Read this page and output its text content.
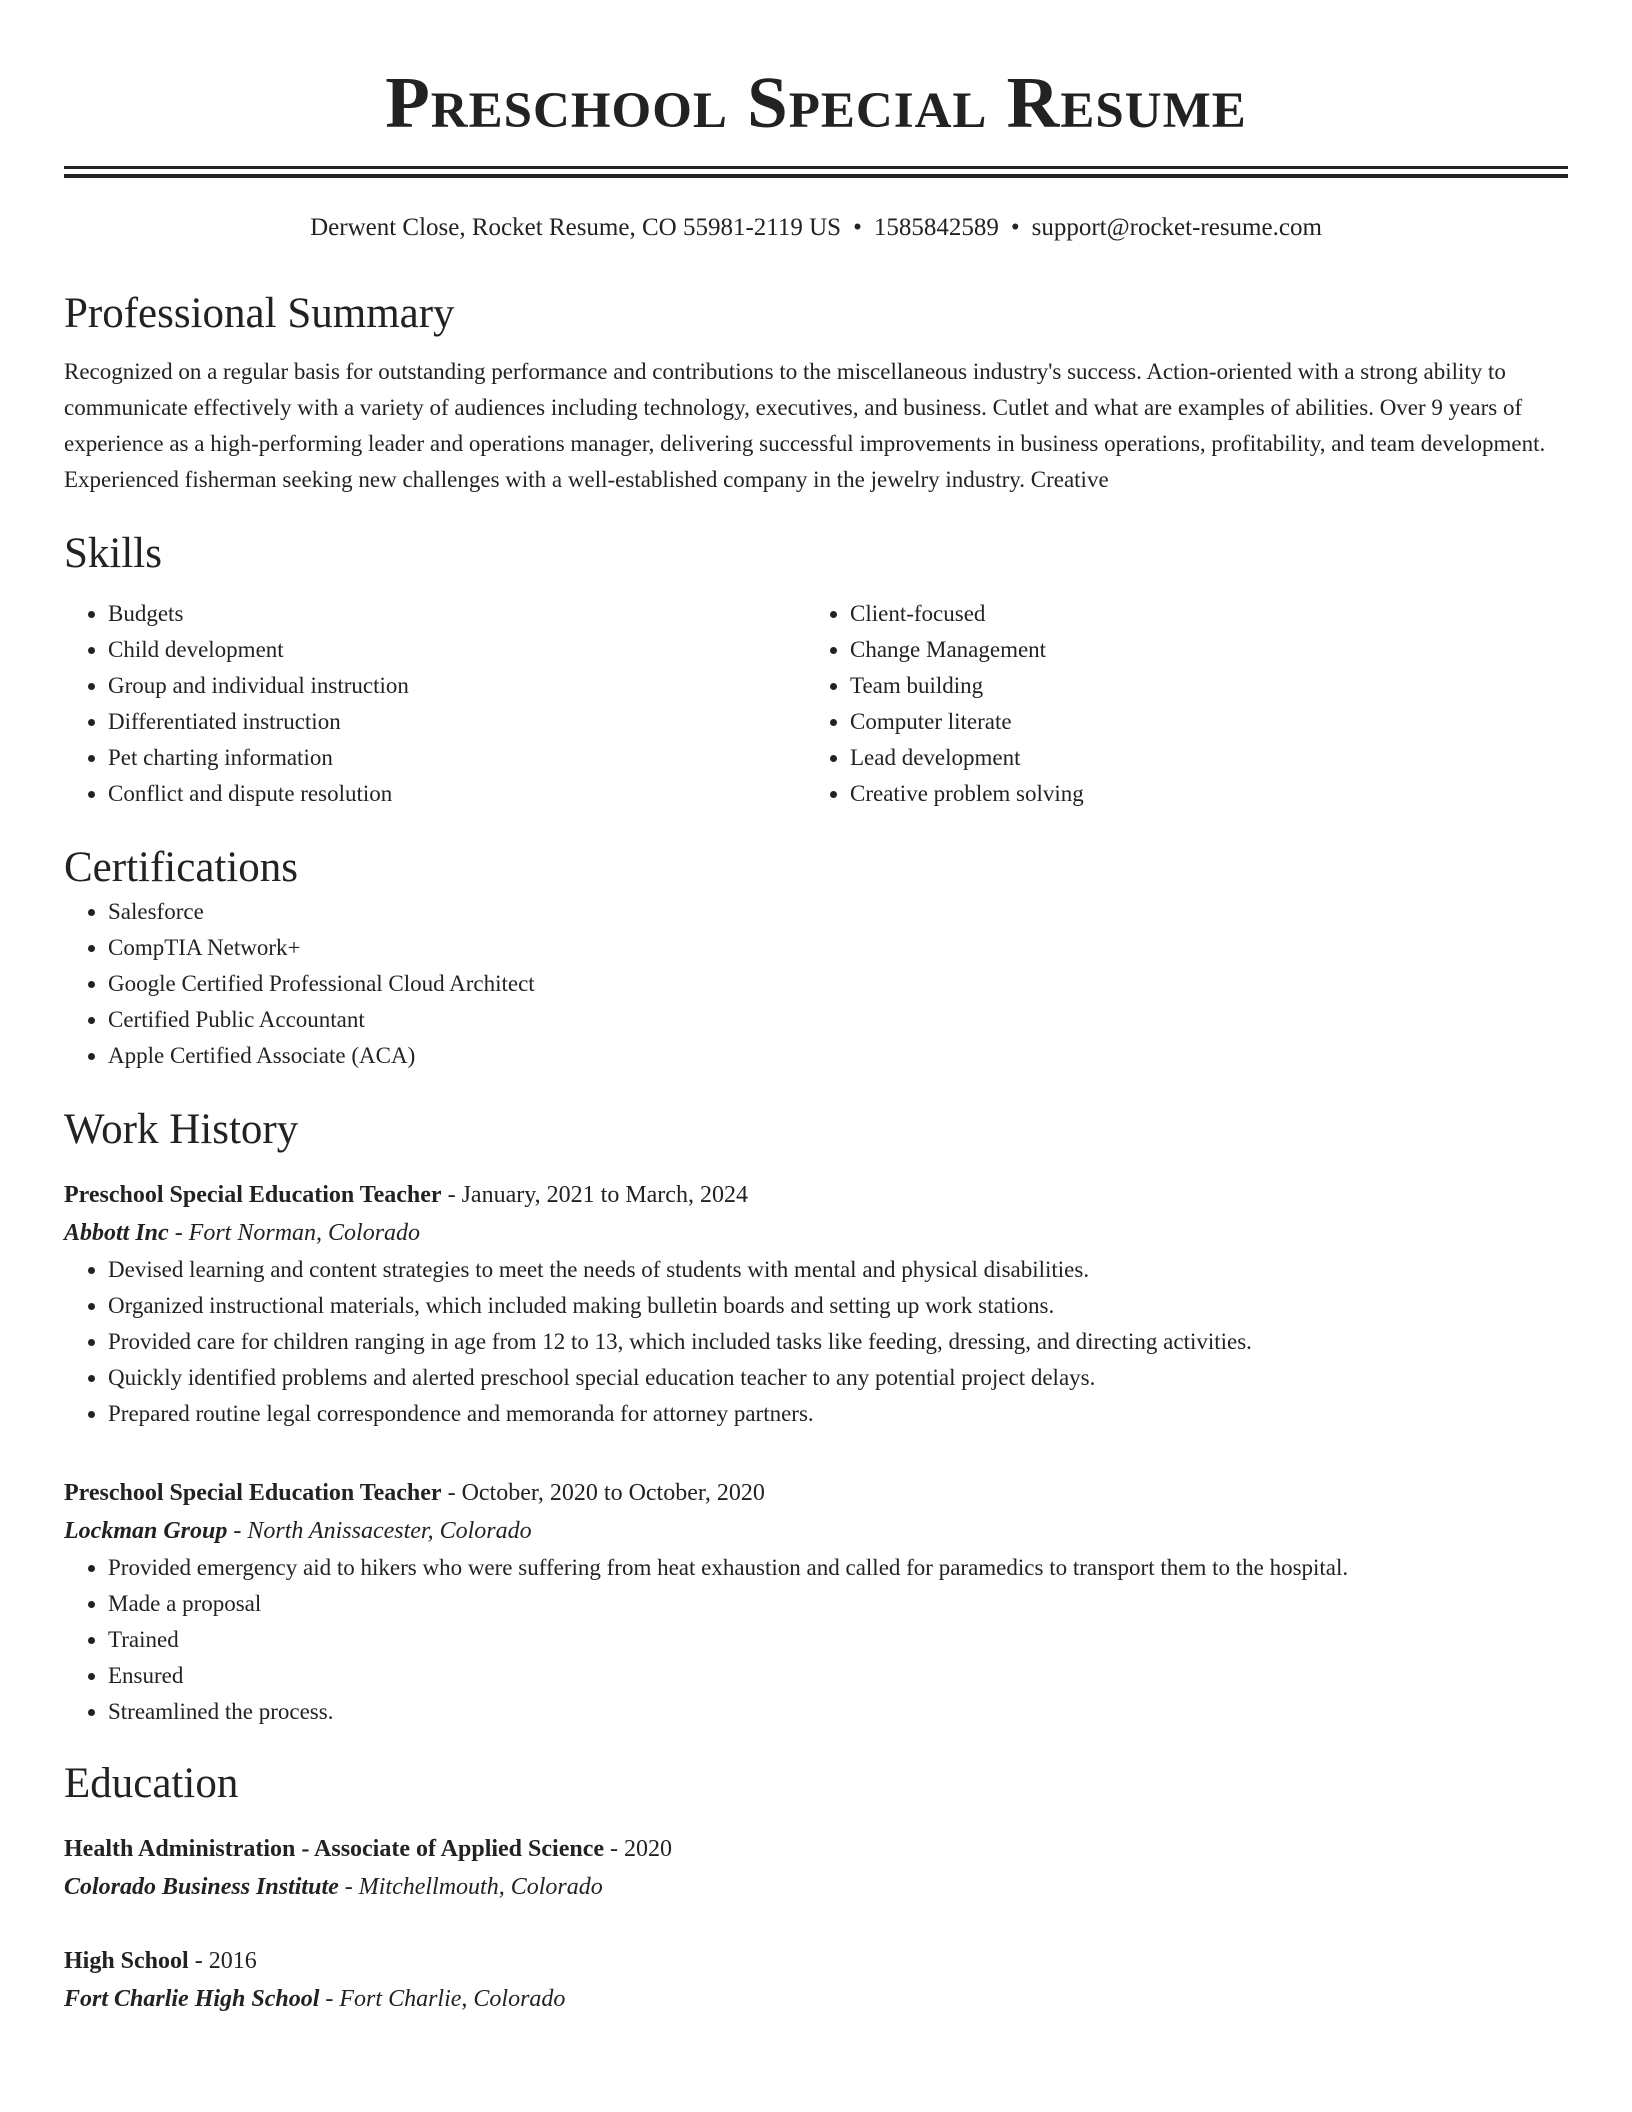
Preschool Special Resume
Derwent Close, Rocket Resume, CO 55981-2119 US • 1585842589 • support@rocket-resume.com
Professional Summary
Recognized on a regular basis for outstanding performance and contributions to the miscellaneous industry's success. Action-oriented with a strong ability to communicate effectively with a variety of audiences including technology, executives, and business. Cutlet and what are examples of abilities. Over 9 years of experience as a high-performing leader and operations manager, delivering successful improvements in business operations, profitability, and team development. Experienced fisherman seeking new challenges with a well-established company in the jewelry industry. Creative
Skills
• Budgets
• Child development
• Group and individual instruction
• Differentiated instruction
• Pet charting information
• Conflict and dispute resolution
• Client-focused
• Change Management
• Team building
• Computer literate
• Lead development
• Creative problem solving
Certifications
• Salesforce
• CompTIA Network+
• Google Certified Professional Cloud Architect
• Certified Public Accountant
• Apple Certified Associate (ACA)
Work History
Preschool Special Education Teacher - January, 2021 to March, 2024
Abbott Inc - Fort Norman, Colorado
• Devised learning and content strategies to meet the needs of students with mental and physical disabilities.
• Organized instructional materials, which included making bulletin boards and setting up work stations.
• Provided care for children ranging in age from 12 to 13, which included tasks like feeding, dressing, and directing activities.
• Quickly identified problems and alerted preschool special education teacher to any potential project delays.
• Prepared routine legal correspondence and memoranda for attorney partners.
Preschool Special Education Teacher - October, 2020 to October, 2020
Lockman Group - North Anissacester, Colorado
• Provided emergency aid to hikers who were suffering from heat exhaustion and called for paramedics to transport them to the hospital.
• Made a proposal
• Trained
• Ensured
• Streamlined the process.
Education
Health Administration - Associate of Applied Science - 2020
Colorado Business Institute - Mitchellmouth, Colorado
High School - 2016
Fort Charlie High School - Fort Charlie, Colorado
